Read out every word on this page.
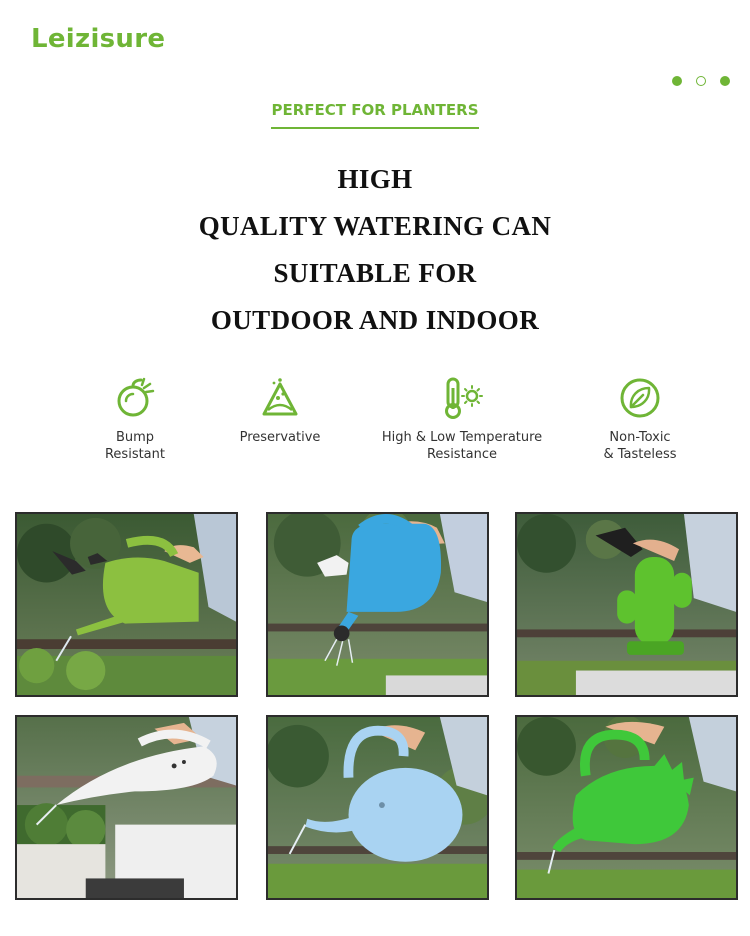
Leizisure
PERFECT FOR PLANTERS
HIGH
QUALITY WATERING CAN
SUITABLE FOR
OUTDOOR AND INDOOR
Bump
Resistant
Preservative	High & Low Temperature
Resistance
Non-Toxic
& Tasteless
